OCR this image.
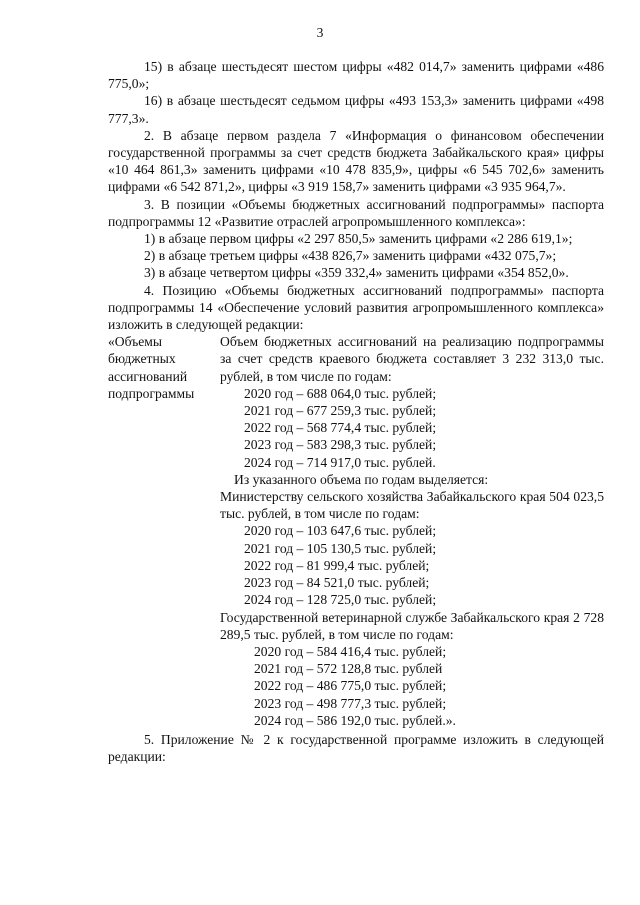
3
15) в абзаце шестьдесят шестом цифры «482 014,7» заменить цифрами «486 775,0»;
16) в абзаце шестьдесят седьмом цифры «493 153,3» заменить цифрами «498 777,3».
2. В абзаце первом раздела 7 «Информация о финансовом обеспечении государственной программы за счет средств бюджета Забайкальского края» цифры «10 464 861,3» заменить цифрами «10 478 835,9», цифры «6 545 702,6» заменить цифрами «6 542 871,2», цифры «3 919 158,7» заменить цифрами «3 935 964,7».
3. В позиции «Объемы бюджетных ассигнований подпрограммы» паспорта подпрограммы 12 «Развитие отраслей агропромышленного комплекса»:
1) в абзаце первом цифры «2 297 850,5» заменить цифрами «2 286 619,1»;
2) в абзаце третьем цифры «438 826,7» заменить цифрами «432 075,7»;
3) в абзаце четвертом цифры «359 332,4» заменить цифрами «354 852,0».
4. Позицию «Объемы бюджетных ассигнований подпрограммы» паспорта подпрограммы 14 «Обеспечение условий развития агропромышленного комплекса» изложить в следующей редакции:
«Объемы бюджетных ассигнований подпрограммы
Объем бюджетных ассигнований на реализацию подпрограммы за счет средств краевого бюджета составляет 3 232 313,0 тыс. рублей, в том числе по годам:
2020 год – 688 064,0 тыс. рублей;
2021 год – 677 259,3 тыс. рублей;
2022 год – 568 774,4 тыс. рублей;
2023 год – 583 298,3 тыс. рублей;
2024 год – 714 917,0 тыс. рублей.
Из указанного объема по годам выделяется:
Министерству сельского хозяйства Забайкальского края 504 023,5 тыс. рублей, в том числе по годам:
2020 год – 103 647,6 тыс. рублей;
2021 год – 105 130,5 тыс. рублей;
2022 год – 81 999,4 тыс. рублей;
2023 год – 84 521,0 тыс. рублей;
2024 год – 128 725,0 тыс. рублей;
Государственной ветеринарной службе Забайкальского края 2 728 289,5 тыс. рублей, в том числе по годам:
2020 год – 584 416,4 тыс. рублей;
2021 год – 572 128,8 тыс. рублей
2022 год – 486 775,0 тыс. рублей;
2023 год – 498 777,3 тыс. рублей;
2024 год – 586 192,0 тыс. рублей.».
5. Приложение № 2 к государственной программе изложить в следующей редакции:
